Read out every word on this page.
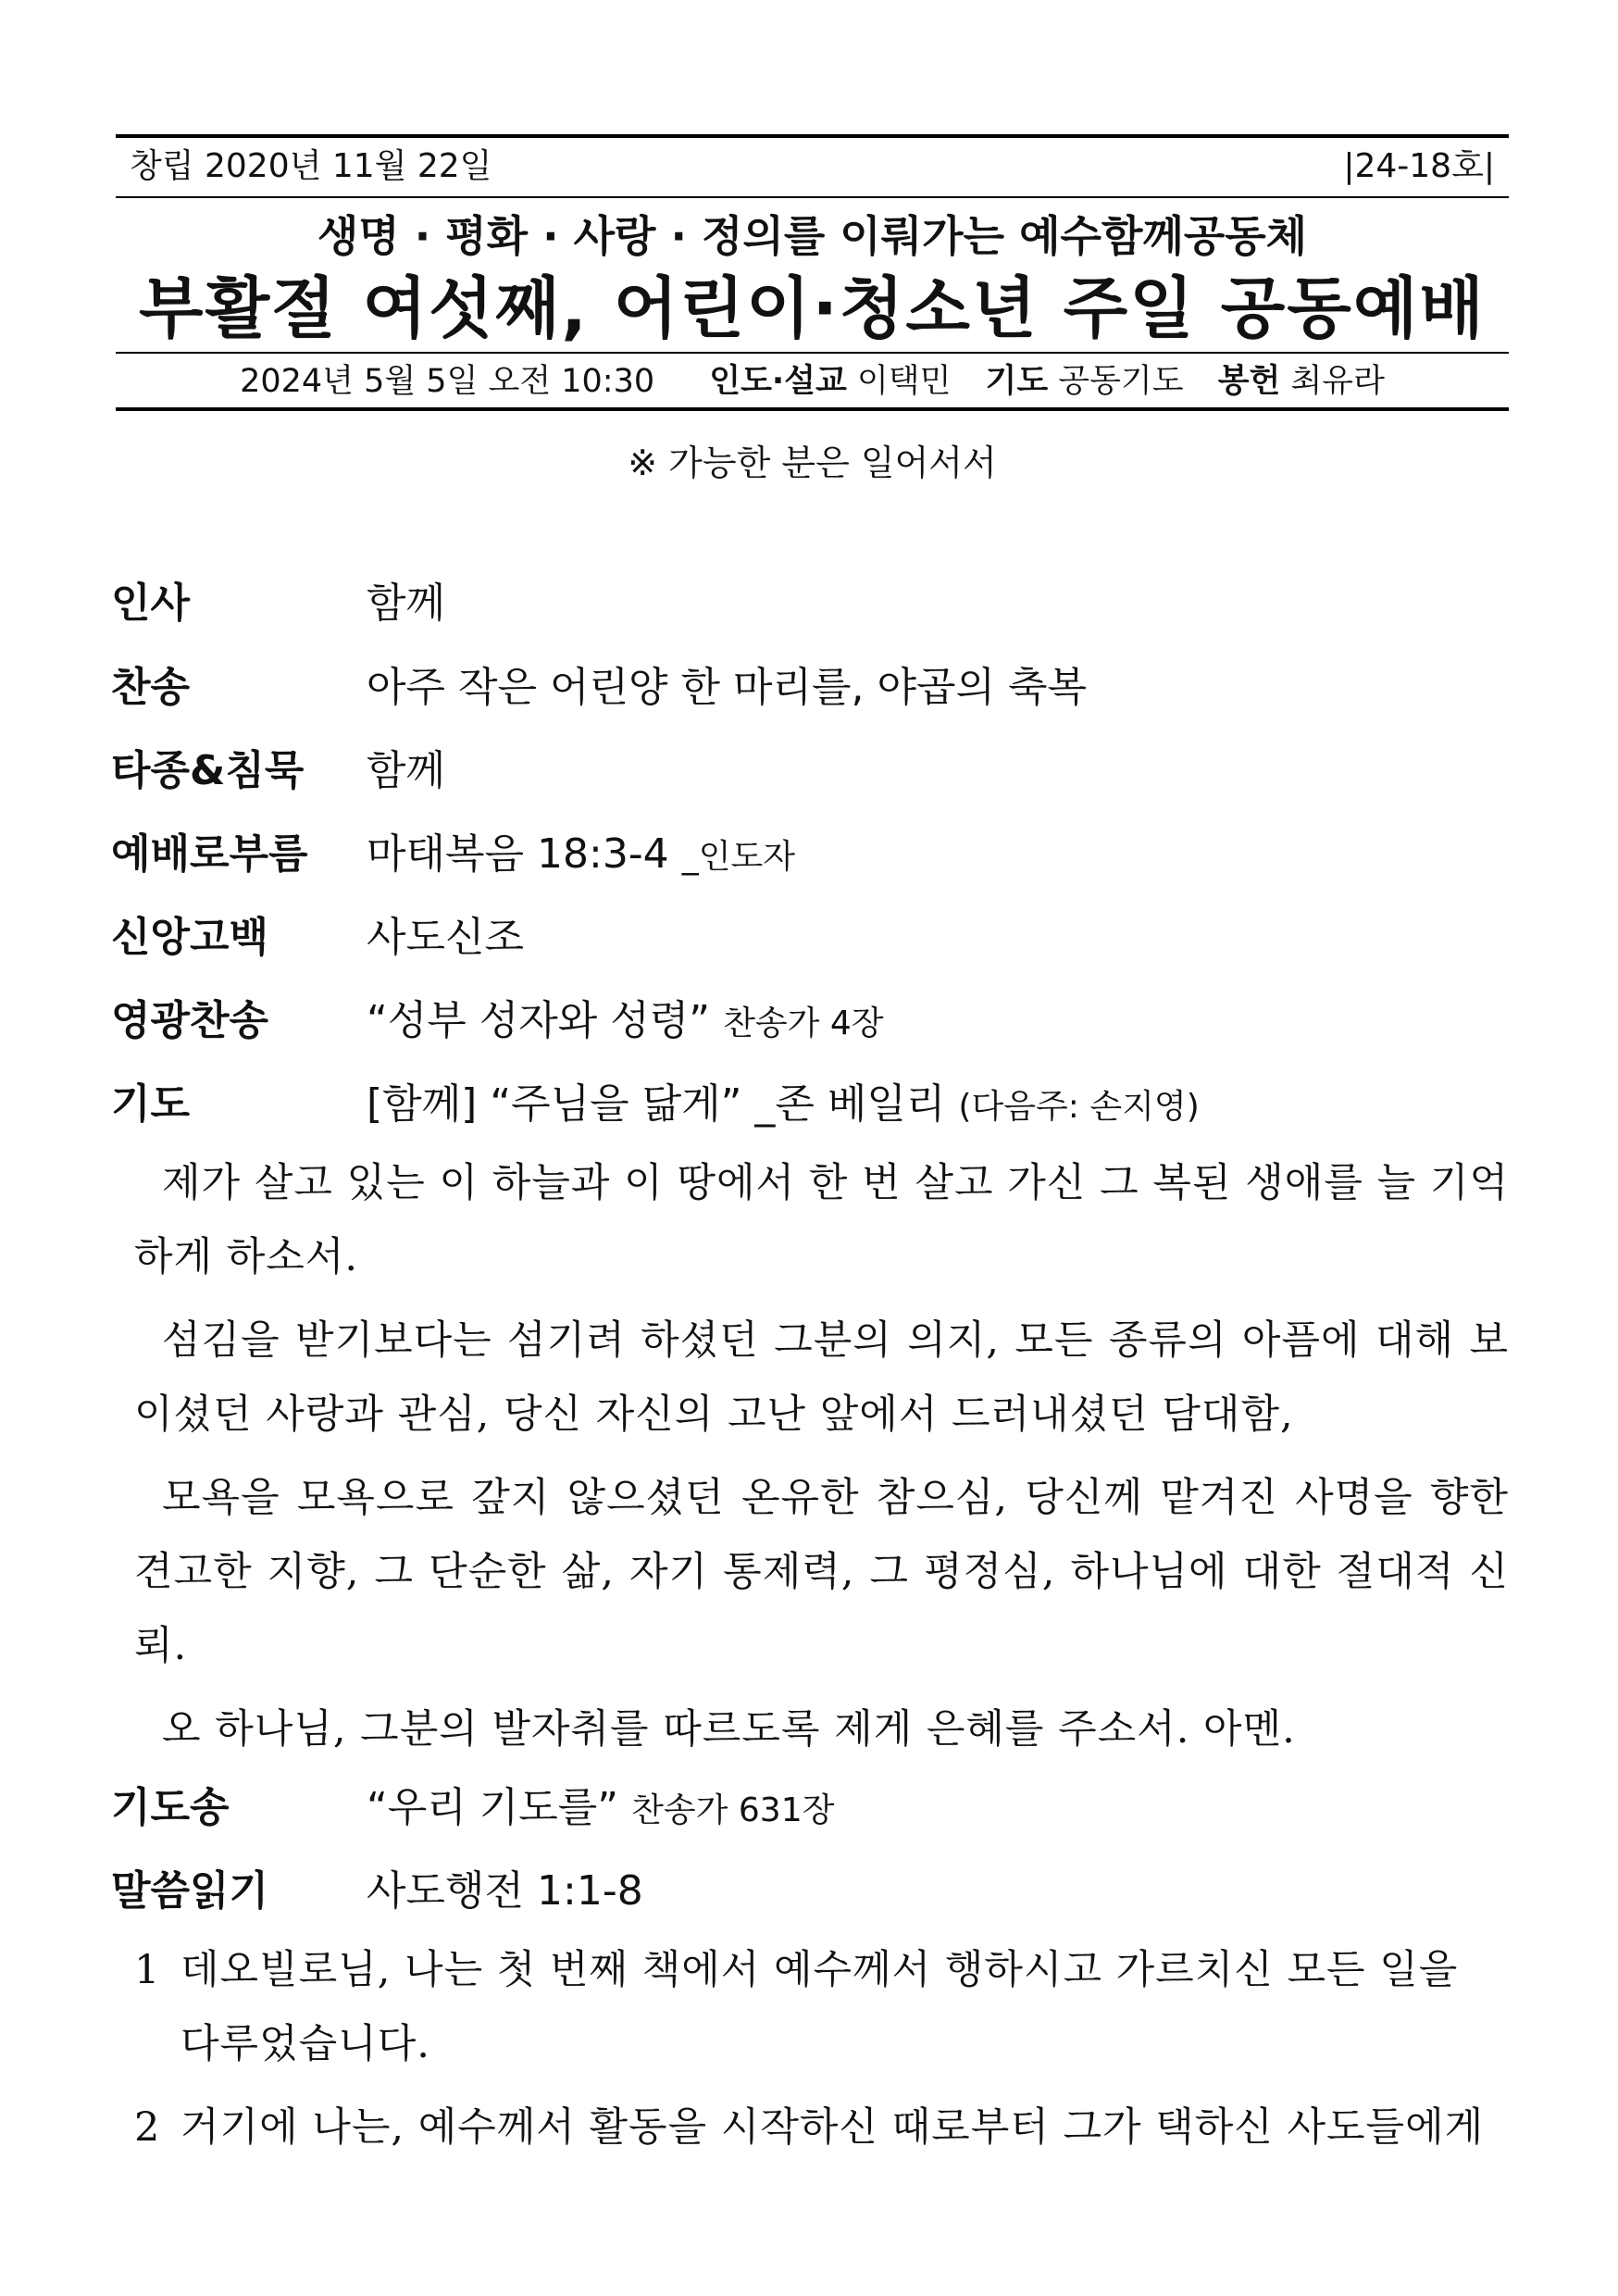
창립 2020년 11월 22일	|24-18호|
생명 · 평화 · 사랑 · 정의를 이뤄가는 예수함께공동체
부활절 여섯째, 어린이·청소년 주일 공동예배
2024년 5월 5일 오전 10:30 인도·설교 이택민 기도 공동기도 봉헌 최유라
※ 가능한 분은 일어서서
인사	함께
찬송	아주 작은 어린양 한 마리를, 야곱의 축복
타종&침묵 함께
예배로부름 마태복음 18:3-4 _인도자
신앙고백 사도신조
영광찬송 “성부 성자와 성령” 찬송가 4장
기도	[함께] “주님을 닮게” _존 베일리 (다음주: 손지영)
제가 살고 있는 이 하늘과 이 땅에서 한 번 살고 가신 그 복된 생애를 늘 기억하게 하소서.
섬김을 받기보다는 섬기려 하셨던 그분의 의지, 모든 종류의 아픔에 대해 보이셨던 사랑과 관심, 당신 자신의 고난 앞에서 드러내셨던 담대함,
모욕을 모욕으로 갚지 않으셨던 온유한 참으심, 당신께 맡겨진 사명을 향한 견고한 지향, 그 단순한 삶, 자기 통제력, 그 평정심, 하나님에 대한 절대적 신뢰.
오 하나님, 그분의 발자취를 따르도록 제게 은혜를 주소서. 아멘.
기도송	“우리 기도를” 찬송가 631장
말씀읽기 사도행전 1:1-8
1 데오빌로님, 나는 첫 번째 책에서 예수께서 행하시고 가르치신 모든 일을
다루었습니다.
2 거기에 나는, 예수께서 활동을 시작하신 때로부터 그가 택하신 사도들에게
